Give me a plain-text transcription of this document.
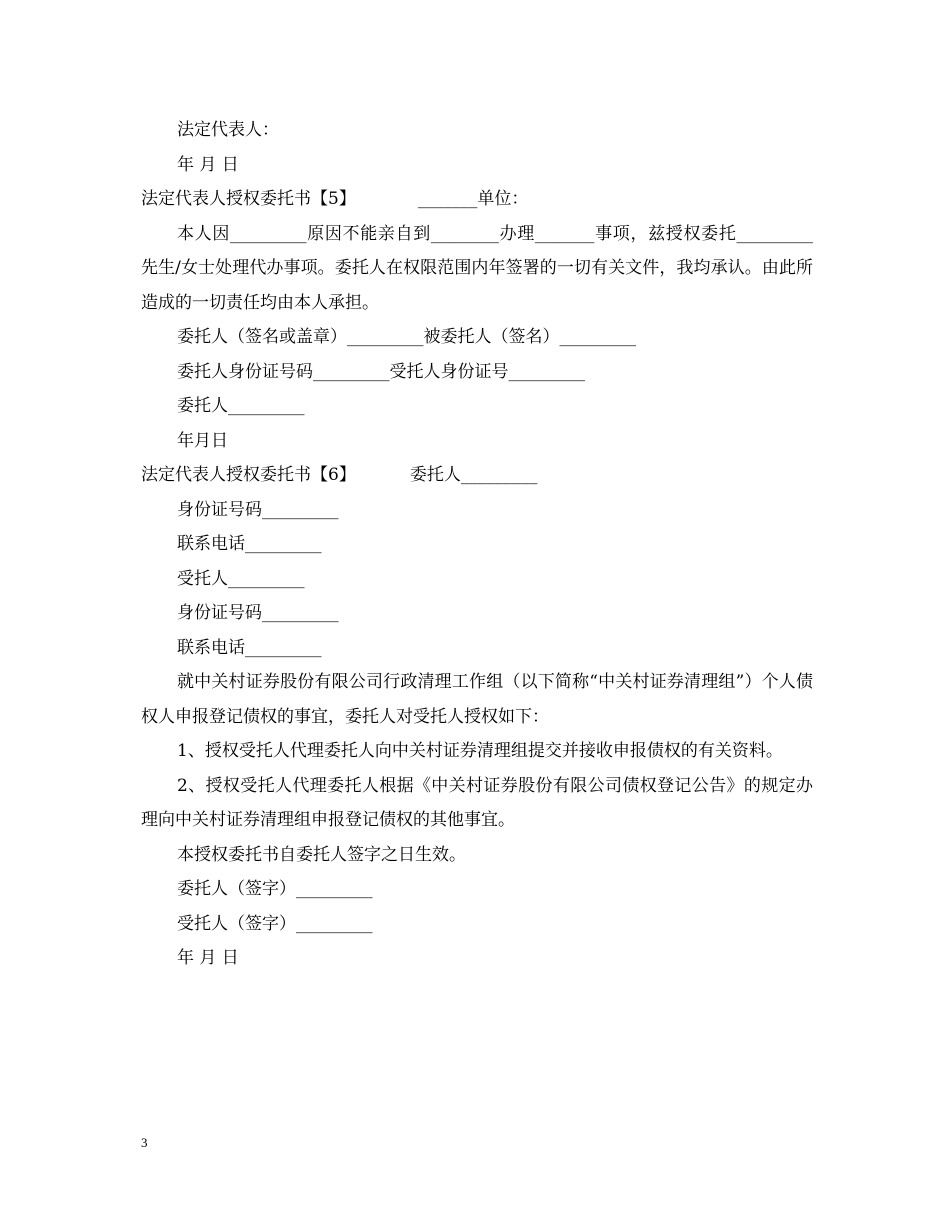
法定代表人：
年 月 日
法定代表人授权委托书【5】	_______单位：
本人因_________原因不能亲自到________办理_______事项，兹授权委托_________先生/女士处理代办事项。委托人在权限范围内年签署的一切有关文件，我均承认。由此所造成的一切责任均由本人承担。
委托人（签名或盖章）_________被委托人（签名）_________
委托人身份证号码_________受托人身份证号_________
委托人_________
年月日
法定代表人授权委托书【6】	委托人_________
身份证号码_________
联系电话_________
受托人_________
身份证号码_________
联系电话_________
就中关村证券股份有限公司行政清理工作组（以下简称“中关村证券清理组”）个人债权人申报登记债权的事宜，委托人对受托人授权如下：
1、授权受托人代理委托人向中关村证券清理组提交并接收申报债权的有关资料。
2、授权受托人代理委托人根据《中关村证券股份有限公司债权登记公告》的规定办理向中关村证券清理组申报登记债权的其他事宜。
本授权委托书自委托人签字之日生效。
委托人（签字）_________
受托人（签字）_________
年 月 日
3
